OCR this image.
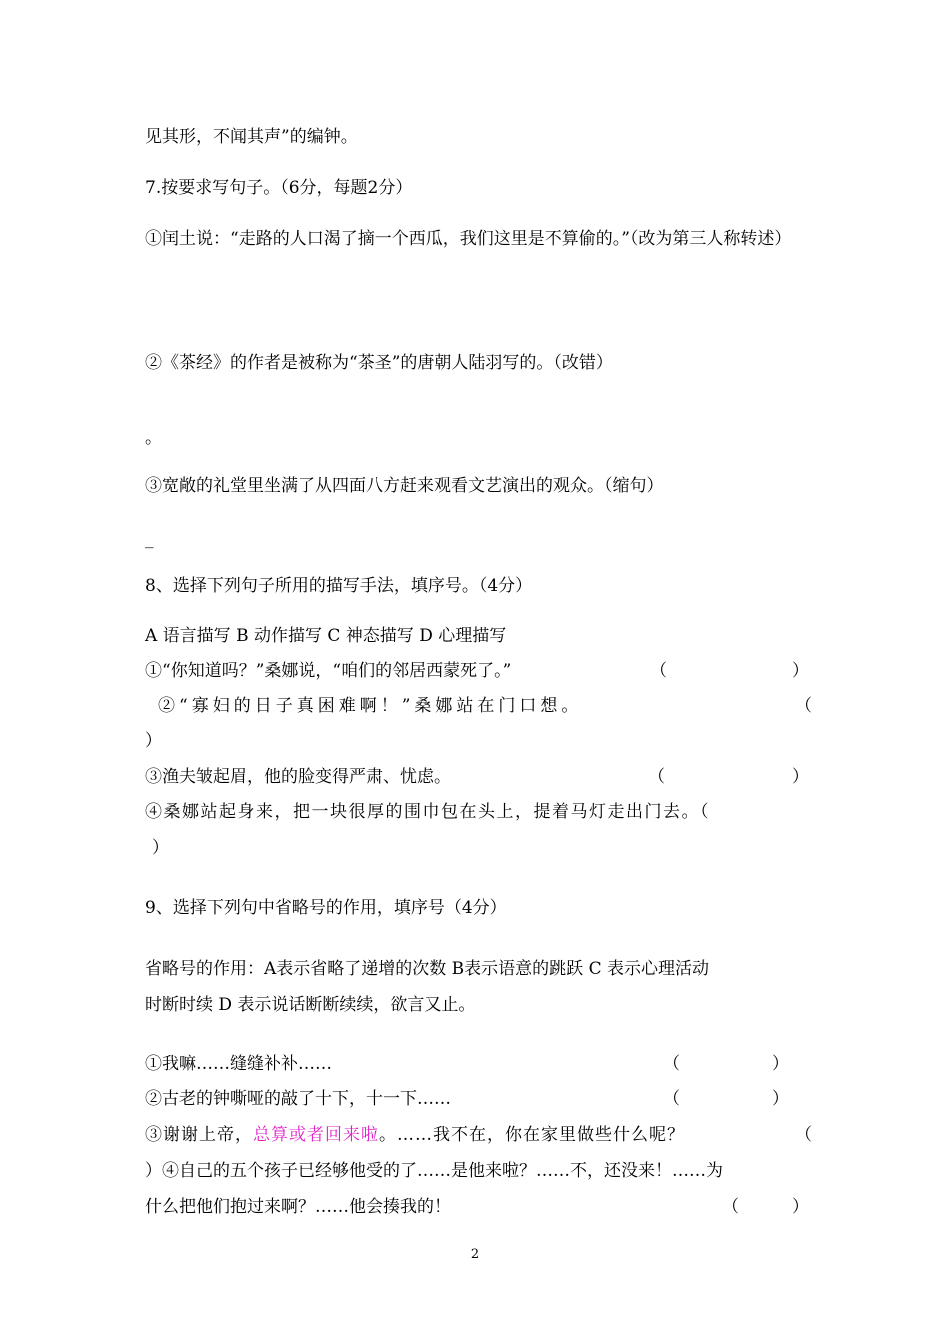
见其形，不闻其声”的编钟。
7.按要求写句子。（6分，每题2分）
①闰土说：“走路的人口渴了摘一个西瓜，我们这里是不算偷的。”（改为第三人称转述）
②《茶经》的作者是被称为“茶圣”的唐朝人陆羽写的。（改错）
。
③宽敞的礼堂里坐满了从四面八方赶来观看文艺演出的观众。（缩句）
_
8、选择下列句子所用的描写手法，填序号。（4分）
A 语言描写 B 动作描写 C 神态描写 D 心理描写
①“你知道吗？”桑娜说，“咱们的邻居西蒙死了。”	（	）
②“寡妇的日子真困难啊！”桑娜站在门口想。	（
）
③渔夫皱起眉，他的脸变得严肃、忧虑。	（	）
④桑娜站起身来，把一块很厚的围巾包在头上，提着马灯走出门去。（
）
9、选择下列句中省略号的作用，填序号（4分）
省略号的作用：A表示省略了递增的次数 B表示语意的跳跃 C 表示心理活动
时断时续 D 表示说话断断续续，欲言又止。
①我嘛……缝缝补补……	（	）
②古老的钟嘶哑的敲了十下，十一下……	（	）
③谢谢上帝，总算或者回来啦。……我不在，你在家里做些什么呢？	（
）④自己的五个孩子已经够他受的了……是他来啦？……不，还没来！……为
什么把他们抱过来啊？……他会揍我的！	（	）
2
